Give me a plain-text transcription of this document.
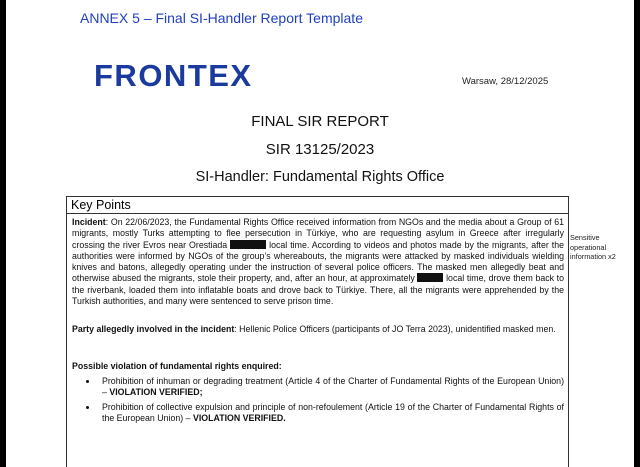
ANNEX 5 – Final SI-Handler Report Template
FRONTEX	Warsaw, 28/12/2025
FINAL SIR REPORT
SIR 13125/2023
SI-Handler: Fundamental Rights Office
Key Points

Incident: On 22/06/2023, the Fundamental Rights Office received information from NGOs and the media about a Group of 61 migrants, mostly Turks attempting to flee persecution in Türkiye, who are requesting asylum in Greece after irregularly crossing the river Evros near Orestiada	local time. According to videos and photos made by the migrants, after the authorities were informed by NGOs of the group’s whereabouts, the migrants were attacked by masked individuals wielding knives and batons, allegedly operating under the instruction of several police officers. The masked men allegedly beat and otherwise abused the migrants, stole their property, and, after an hour, at approximately	local time, drove them back to the riverbank, loaded them into inflatable boats and drove back to Türkiye. There, all the migrants were apprehended by the Turkish authorities, and many were sentenced to serve prison time.

Party allegedly involved in the incident: Hellenic Police Officers (participants of JO Terra 2023), unidentified masked men.

Possible violation of fundamental rights enquired:

• Prohibition of inhuman or degrading treatment (Article 4 of the Charter of Fundamental Rights of the European Union) – VIOLATION VERIFIED;
• Prohibition of collective expulsion and principle of non-refoulement (Article 19 of the Charter of Fundamental Rights of the European Union) – VIOLATION VERIFIED.
Sensitive operational information x2
